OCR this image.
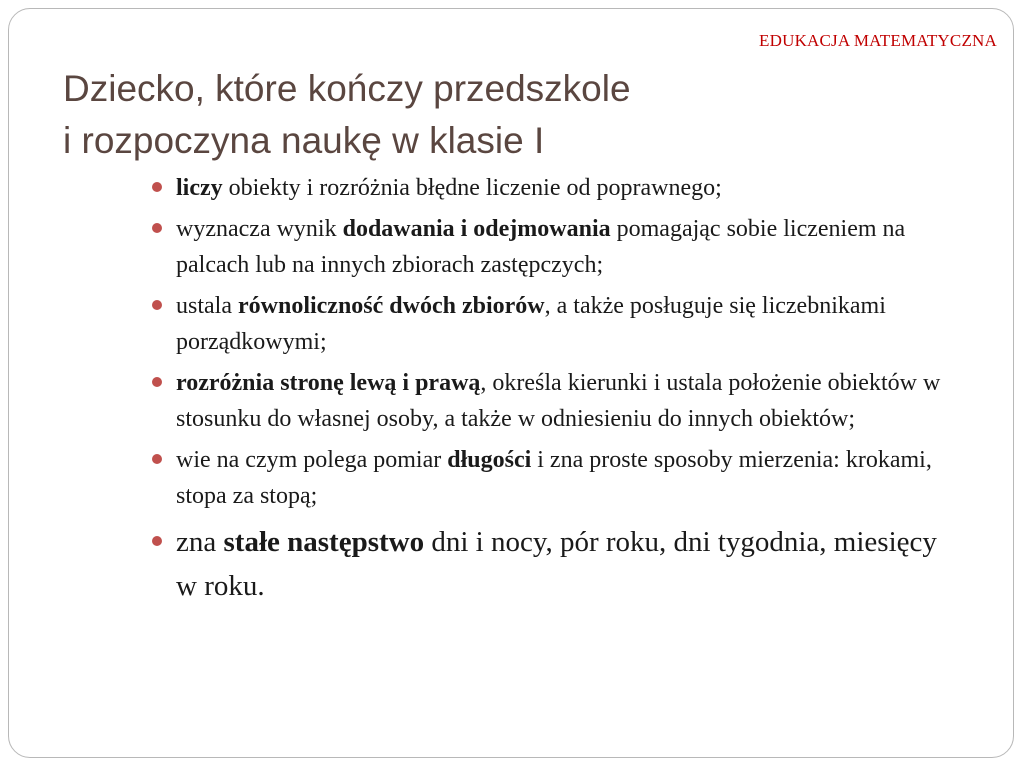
EDUKACJA MATEMATYCZNA
Dziecko, które kończy przedszkole
i rozpoczyna naukę w klasie I
liczy obiekty i rozróżnia błędne liczenie od poprawnego;
wyznacza wynik dodawania i odejmowania pomagając sobie liczeniem na palcach lub na innych zbiorach zastępczych;
ustala równoliczność dwóch zbiorów, a także posługuje się liczebnikami porządkowymi;
rozróżnia stronę lewą i prawą, określa kierunki i ustala położenie obiektów w stosunku do własnej osoby, a także w odniesieniu do innych obiektów;
wie na czym polega pomiar długości i zna proste sposoby mierzenia: krokami, stopa za stopą;
zna stałe następstwo dni i nocy, pór roku, dni tygodnia, miesięcy w roku.
